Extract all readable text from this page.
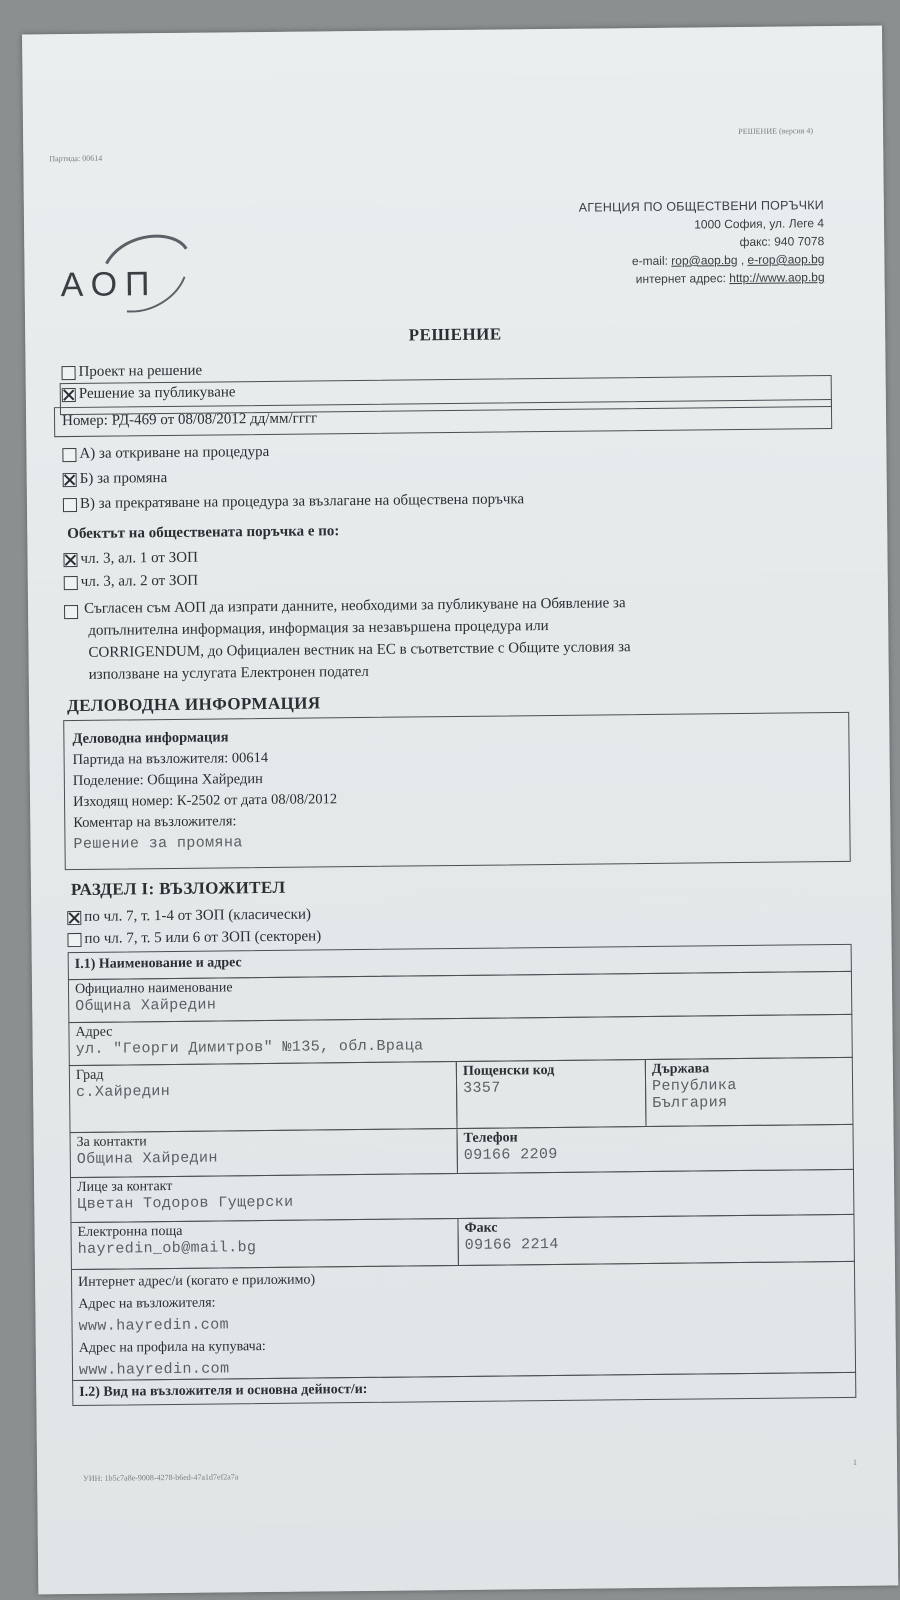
Партида: 00614
РЕШЕНИЕ (версия 4)
АОП
АГЕНЦИЯ ПО ОБЩЕСТВЕНИ ПОРЪЧКИ
1000 София, ул. Леге 4
факс: 940 7078
e-mail: rop@aop.bg , e-rop@aop.bg
интернет адрес: http://www.aop.bg
РЕШЕНИЕ
Проект на решение
Решение за публикуване
Номер: РД-469 от 08/08/2012 дд/мм/гггг
А) за откриване на процедура
Б) за промяна
В) за прекратяване на процедура за възлагане на обществена поръчка
Обектът на обществената поръчка е по:
чл. 3, ал. 1 от ЗОП
чл. 3, ал. 2 от ЗОП
Съгласен съм АОП да изпрати данните, необходими за публикуване на Обявление за
допълнителна информация, информация за незавършена процедура или
CORRIGENDUM, до Официален вестник на ЕС в съответствие с Общите условия за
използване на услугата Електронен подател
ДЕЛОВОДНА ИНФОРМАЦИЯ
Деловодна информация
Партида на възложителя: 00614
Поделение: Община Хайредин
Изходящ номер: К-2502 от дата 08/08/2012
Коментар на възложителя:
Решение за промяна
РАЗДЕЛ I: ВЪЗЛОЖИТЕЛ
по чл. 7, т. 1-4 от ЗОП (класически)
по чл. 7, т. 5 или 6 от ЗОП (секторен)
I.1) Наименование и адрес
Официално наименование
Община Хайредин
Адрес
ул. "Георги Димитров" №135, обл.Враца
Град
с.Хайредин
Пощенски код
3357
Държава
Република
България
За контакти
Община Хайредин
Телефон
09166 2209
Лице за контакт
Цветан Тодоров Гущерски
Електронна поща
hayredin_ob@mail.bg
Факс
09166 2214
Интернет адрес/и (когато е приложимо)
Адрес на възложителя:
www.hayredin.com
Адрес на профила на купувача:
www.hayredin.com
I.2) Вид на възложителя и основна дейност/и:
УИН: 1b5c7a8e-9008-4278-b6ed-47a1d7ef2a7a
1
